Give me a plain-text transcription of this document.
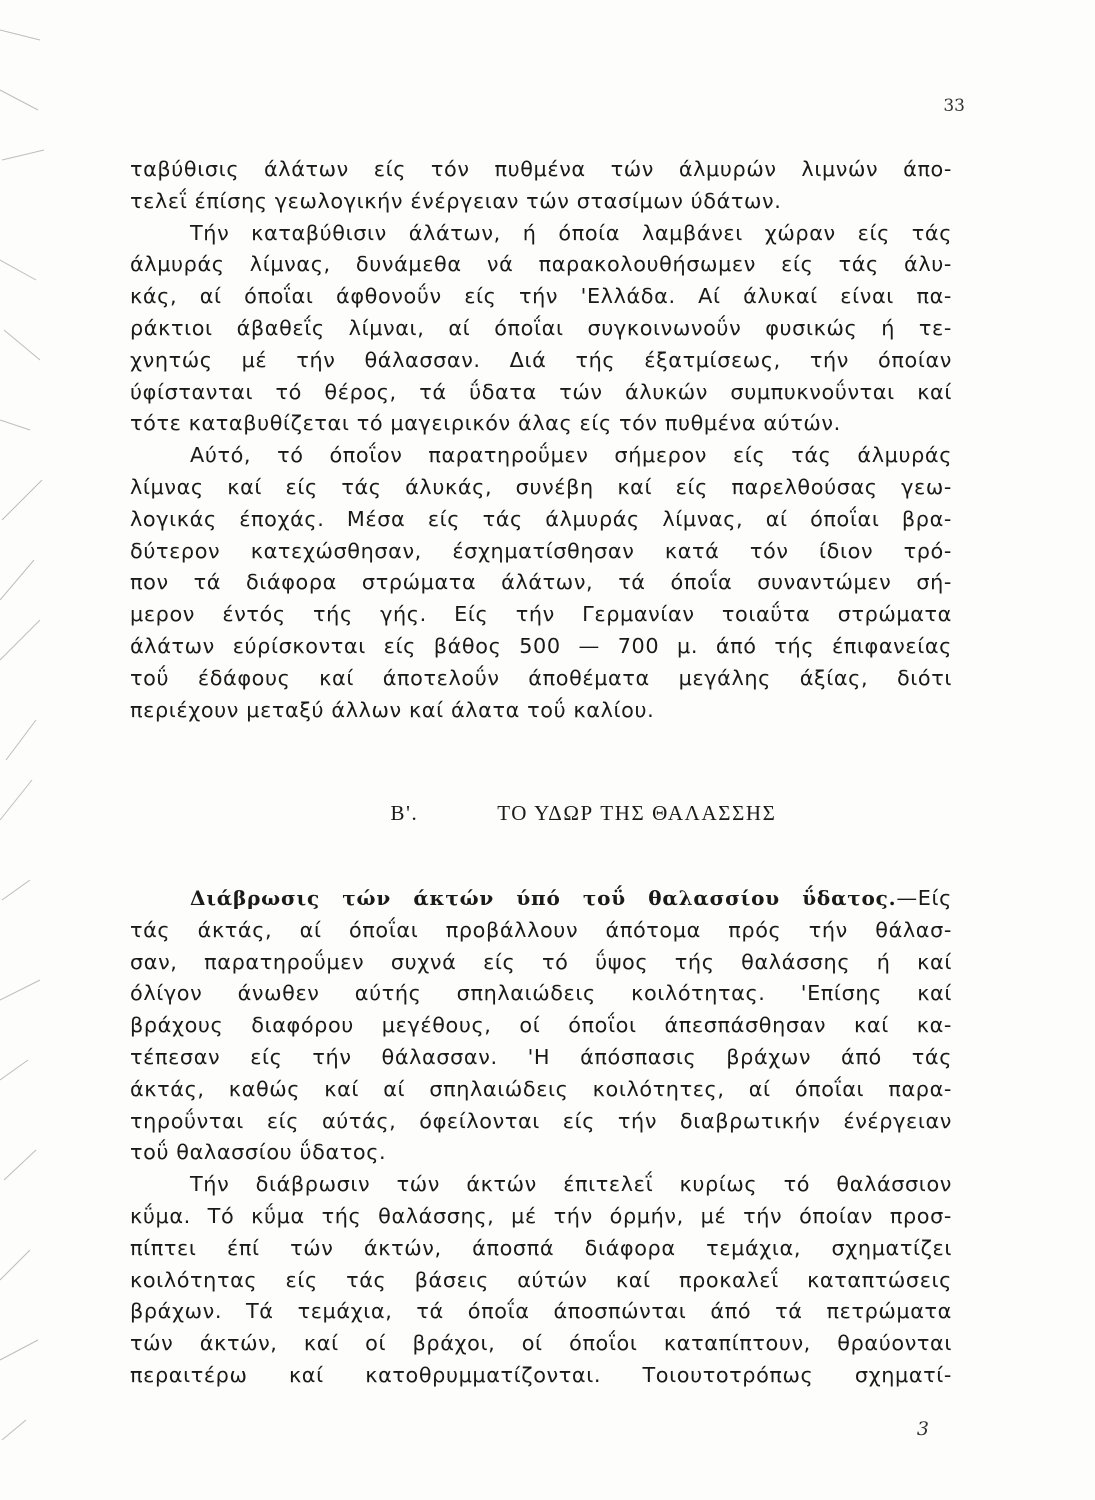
33
ταβύθισις άλάτων είς τόν πυθμένα τών άλμυρών λιμνών άπο-
τελεΐ έπίσης γεωλογικήν ένέργειαν τών στασίμων ύδάτων.
Τήν καταβύθισιν άλάτων, ή όποία λαμβάνει χώραν είς τάς
άλμυράς λίμνας, δυνάμεθα νά παρακολουθήσωμεν είς τάς άλυ-
κάς, αί όποΐαι άφθονοΰν είς τήν 'Ελλάδα. Αί άλυκαί είναι πα-
ράκτιοι άβαθεΐς λίμναι, αί όποΐαι συγκοινωνοΰν φυσικώς ή τε-
χνητώς μέ τήν θάλασσαν. Διά τής έξατμίσεως, τήν όποίαν
ύφίστανται τό θέρος, τά ΰδατα τών άλυκών συμπυκνοΰνται καί
τότε καταβυθίζεται τό μαγειρικόν άλας είς τόν πυθμένα αύτών.
Αύτό, τό όποΐον παρατηροΰμεν σήμερον είς τάς άλμυράς
λίμνας καί είς τάς άλυκάς, συνέβη καί είς παρελθούσας γεω-
λογικάς έποχάς. Μέσα είς τάς άλμυράς λίμνας, αί όποΐαι βρα-
δύτερον κατεχώσθησαν, έσχηματίσθησαν κατά τόν ίδιον τρό-
πον τά διάφορα στρώματα άλάτων, τά όποΐα συναντώμεν σή-
μερον έντός τής γής. Είς τήν Γερμανίαν τοιαΰτα στρώματα
άλάτων εύρίσκονται είς βάθος 500 — 700 μ. άπό τής έπιφανείας
τοΰ έδάφους καί άποτελοΰν άποθέματα μεγάλης άξίας, διότι
περιέχουν μεταξύ άλλων καί άλατα τοΰ καλίου.
Β'.	ΤΟ ΥΔΩΡ ΤΗΣ ΘΑΛΑΣΣΗΣ
Διάβρωσις τών άκτών ύπό τοΰ θαλασσίου ΰδατος.—Είς
τάς άκτάς, αί όποΐαι προβάλλουν άπότομα πρός τήν θάλασ-
σαν, παρατηροΰμεν συχνά είς τό ΰψος τής θαλάσσης ή καί
όλίγον άνωθεν αύτής σπηλαιώδεις κοιλότητας. 'Επίσης καί
βράχους διαφόρου μεγέθους, οί όποΐοι άπεσπάσθησαν καί κα-
τέπεσαν είς τήν θάλασσαν. 'Η άπόσπασις βράχων άπό τάς
άκτάς, καθώς καί αί σπηλαιώδεις κοιλότητες, αί όποΐαι παρα-
τηροΰνται είς αύτάς, όφείλονται είς τήν διαβρωτικήν ένέργειαν
τοΰ θαλασσίου ΰδατος.
Τήν διάβρωσιν τών άκτών έπιτελεΐ κυρίως τό θαλάσσιον
κΰμα. Τό κΰμα τής θαλάσσης, μέ τήν όρμήν, μέ τήν όποίαν προσ-
πίπτει έπί τών άκτών, άποσπά διάφορα τεμάχια, σχηματίζει
κοιλότητας είς τάς βάσεις αύτών καί προκαλεΐ καταπτώσεις
βράχων. Τά τεμάχια, τά όποΐα άποσπώνται άπό τά πετρώματα
τών άκτών, καί οί βράχοι, οί όποΐοι καταπίπτουν, θραύονται
περαιτέρω καί κατοθρυμματίζονται. Τοιουτοτρόπως σχηματί-
3
